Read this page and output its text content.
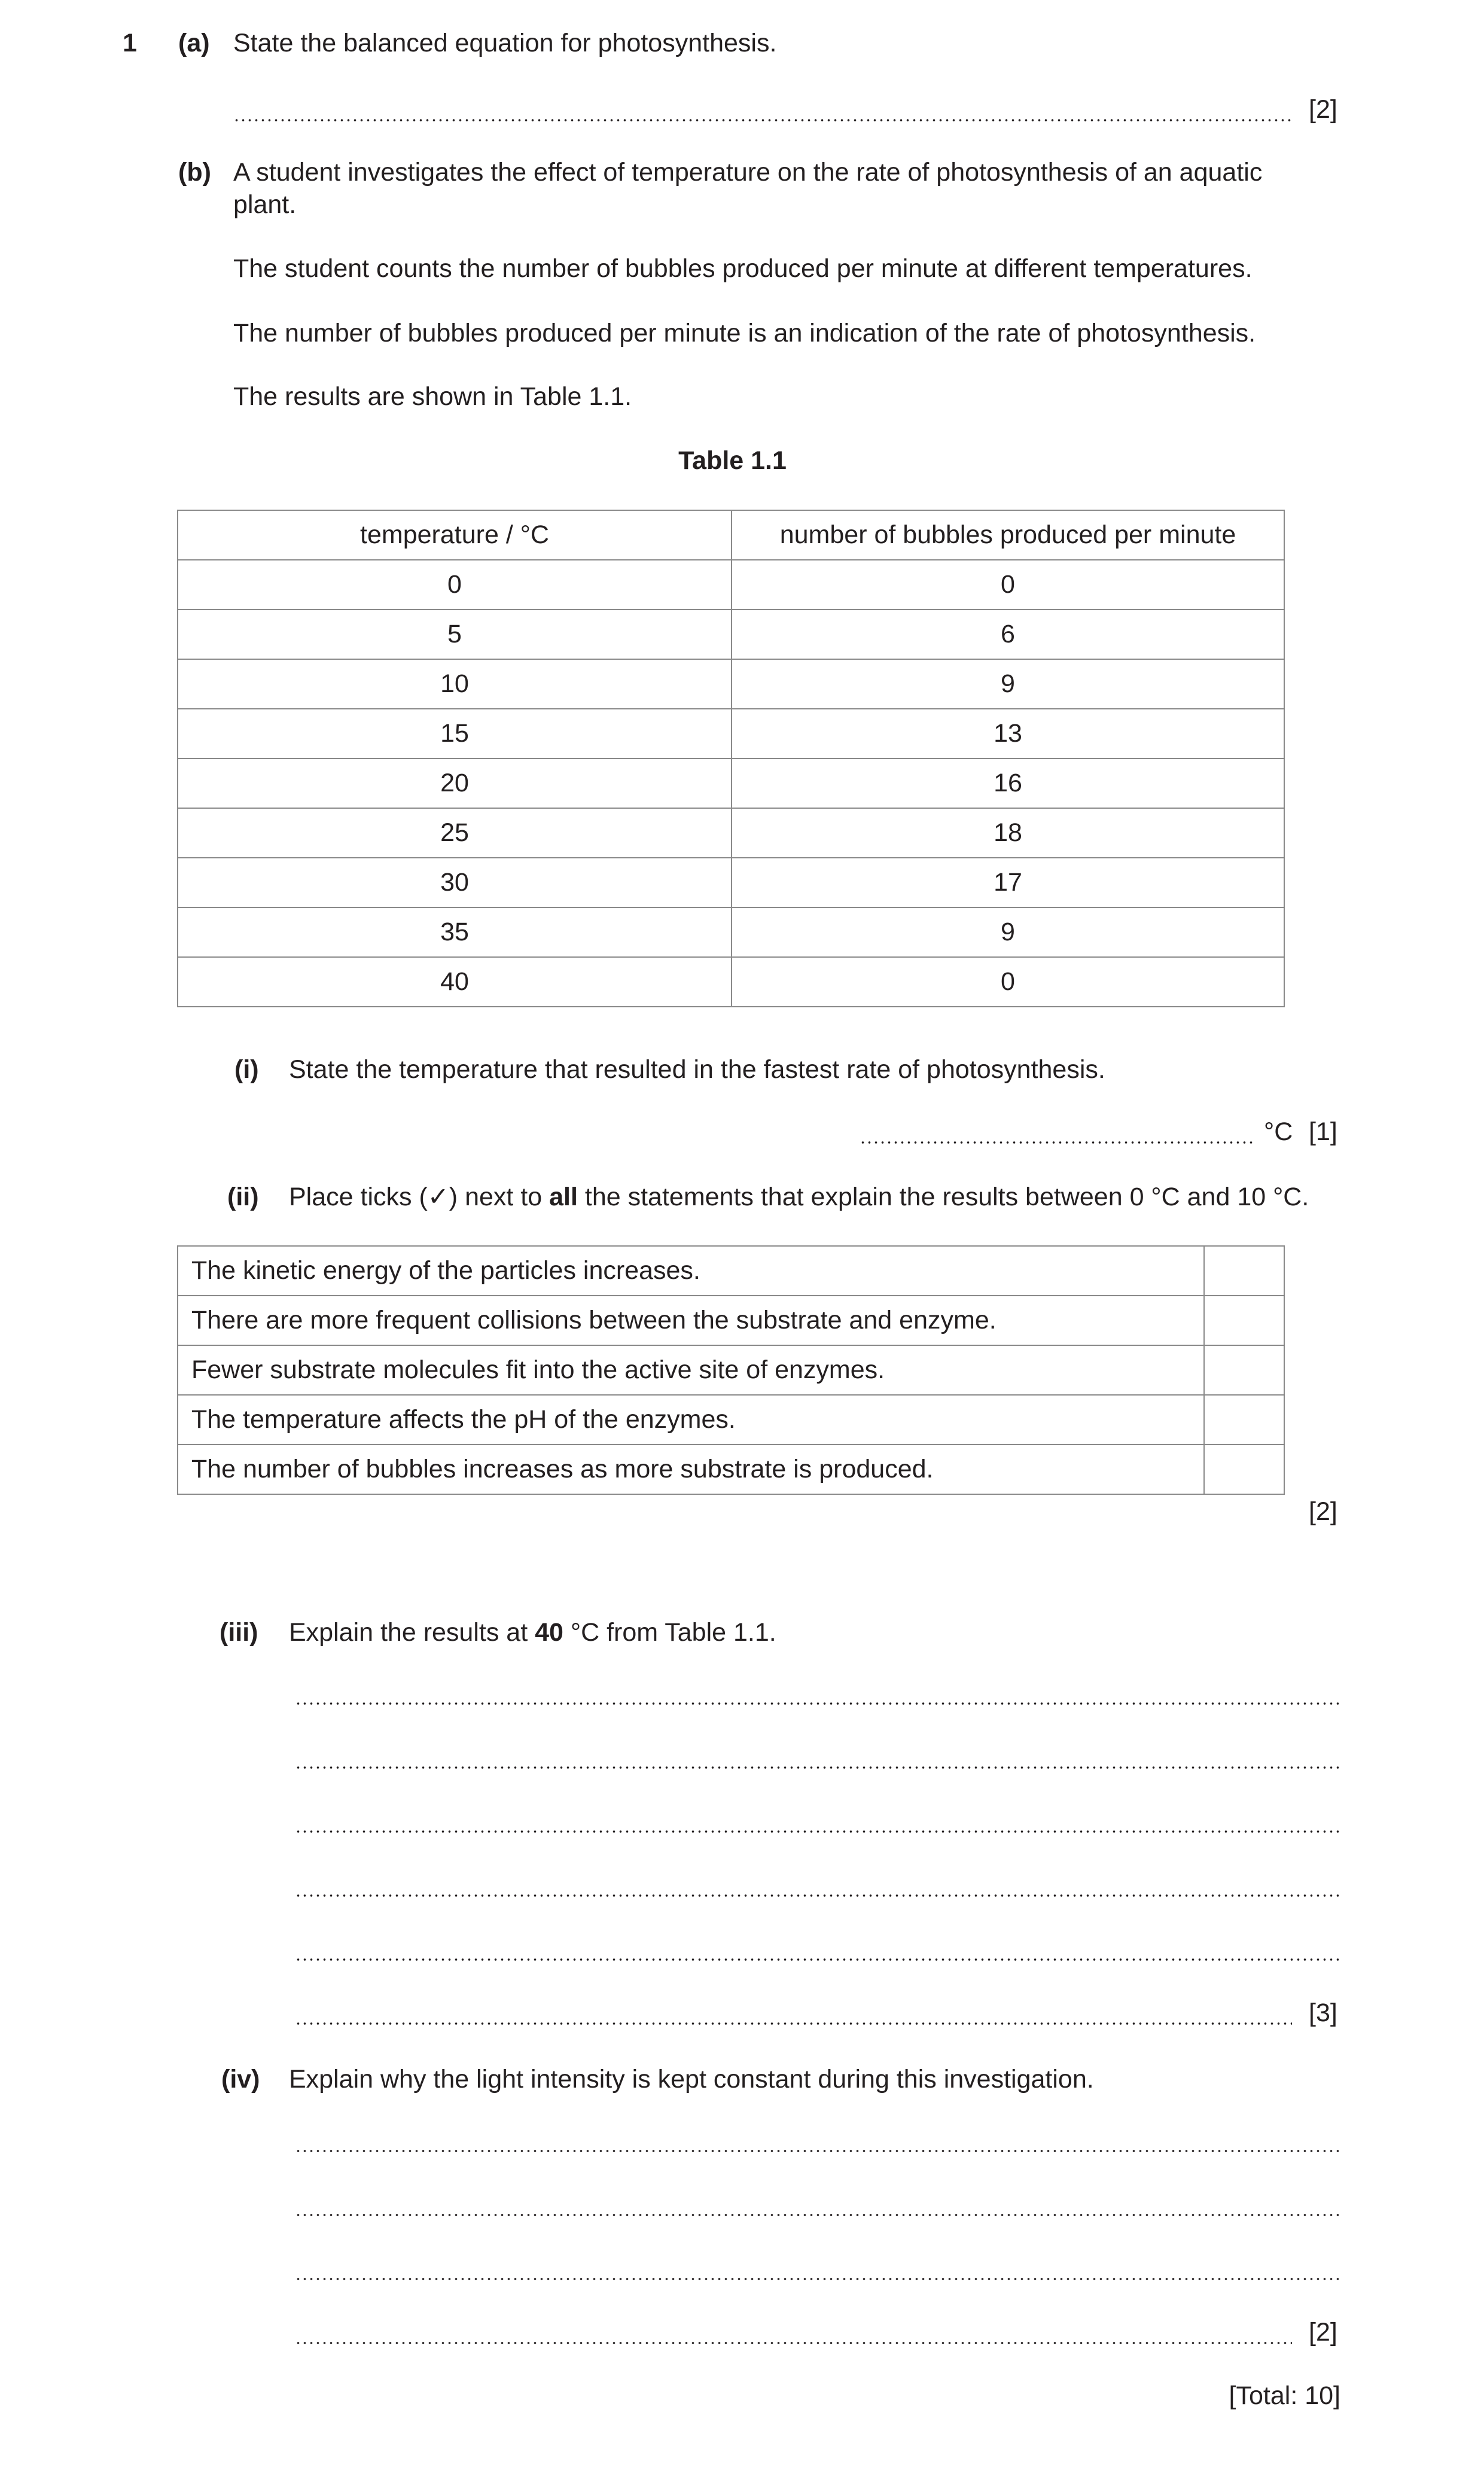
1 (a) State the balanced equation for photosynthesis.
[2]
(b) A student investigates the effect of temperature on the rate of photosynthesis of an aquatic
plant.
The student counts the number of bubbles produced per minute at different temperatures.
The number of bubbles produced per minute is an indication of the rate of photosynthesis.
The results are shown in Table 1.1.
Table 1.1
temperature / °C	number of bubbles produced per minute
0	0
5	6
10	9
15	13
20	16
25	18
30	17
35	9
40	0
(i) State the temperature that resulted in the fastest rate of photosynthesis.
°C [1]
(ii) Place ticks (✓) next to all the statements that explain the results between 0 °C and 10 °C.
The kinetic energy of the particles increases.	
There are more frequent collisions between the substrate and enzyme.	
Fewer substrate molecules fit into the active site of enzymes.	
The temperature affects the pH of the enzymes.	
The number of bubbles increases as more substrate is produced.	
[2]
(iii) Explain the results at 40 °C from Table 1.1.
[3]
(iv) Explain why the light intensity is kept constant during this investigation.
[2]
[Total: 10]
